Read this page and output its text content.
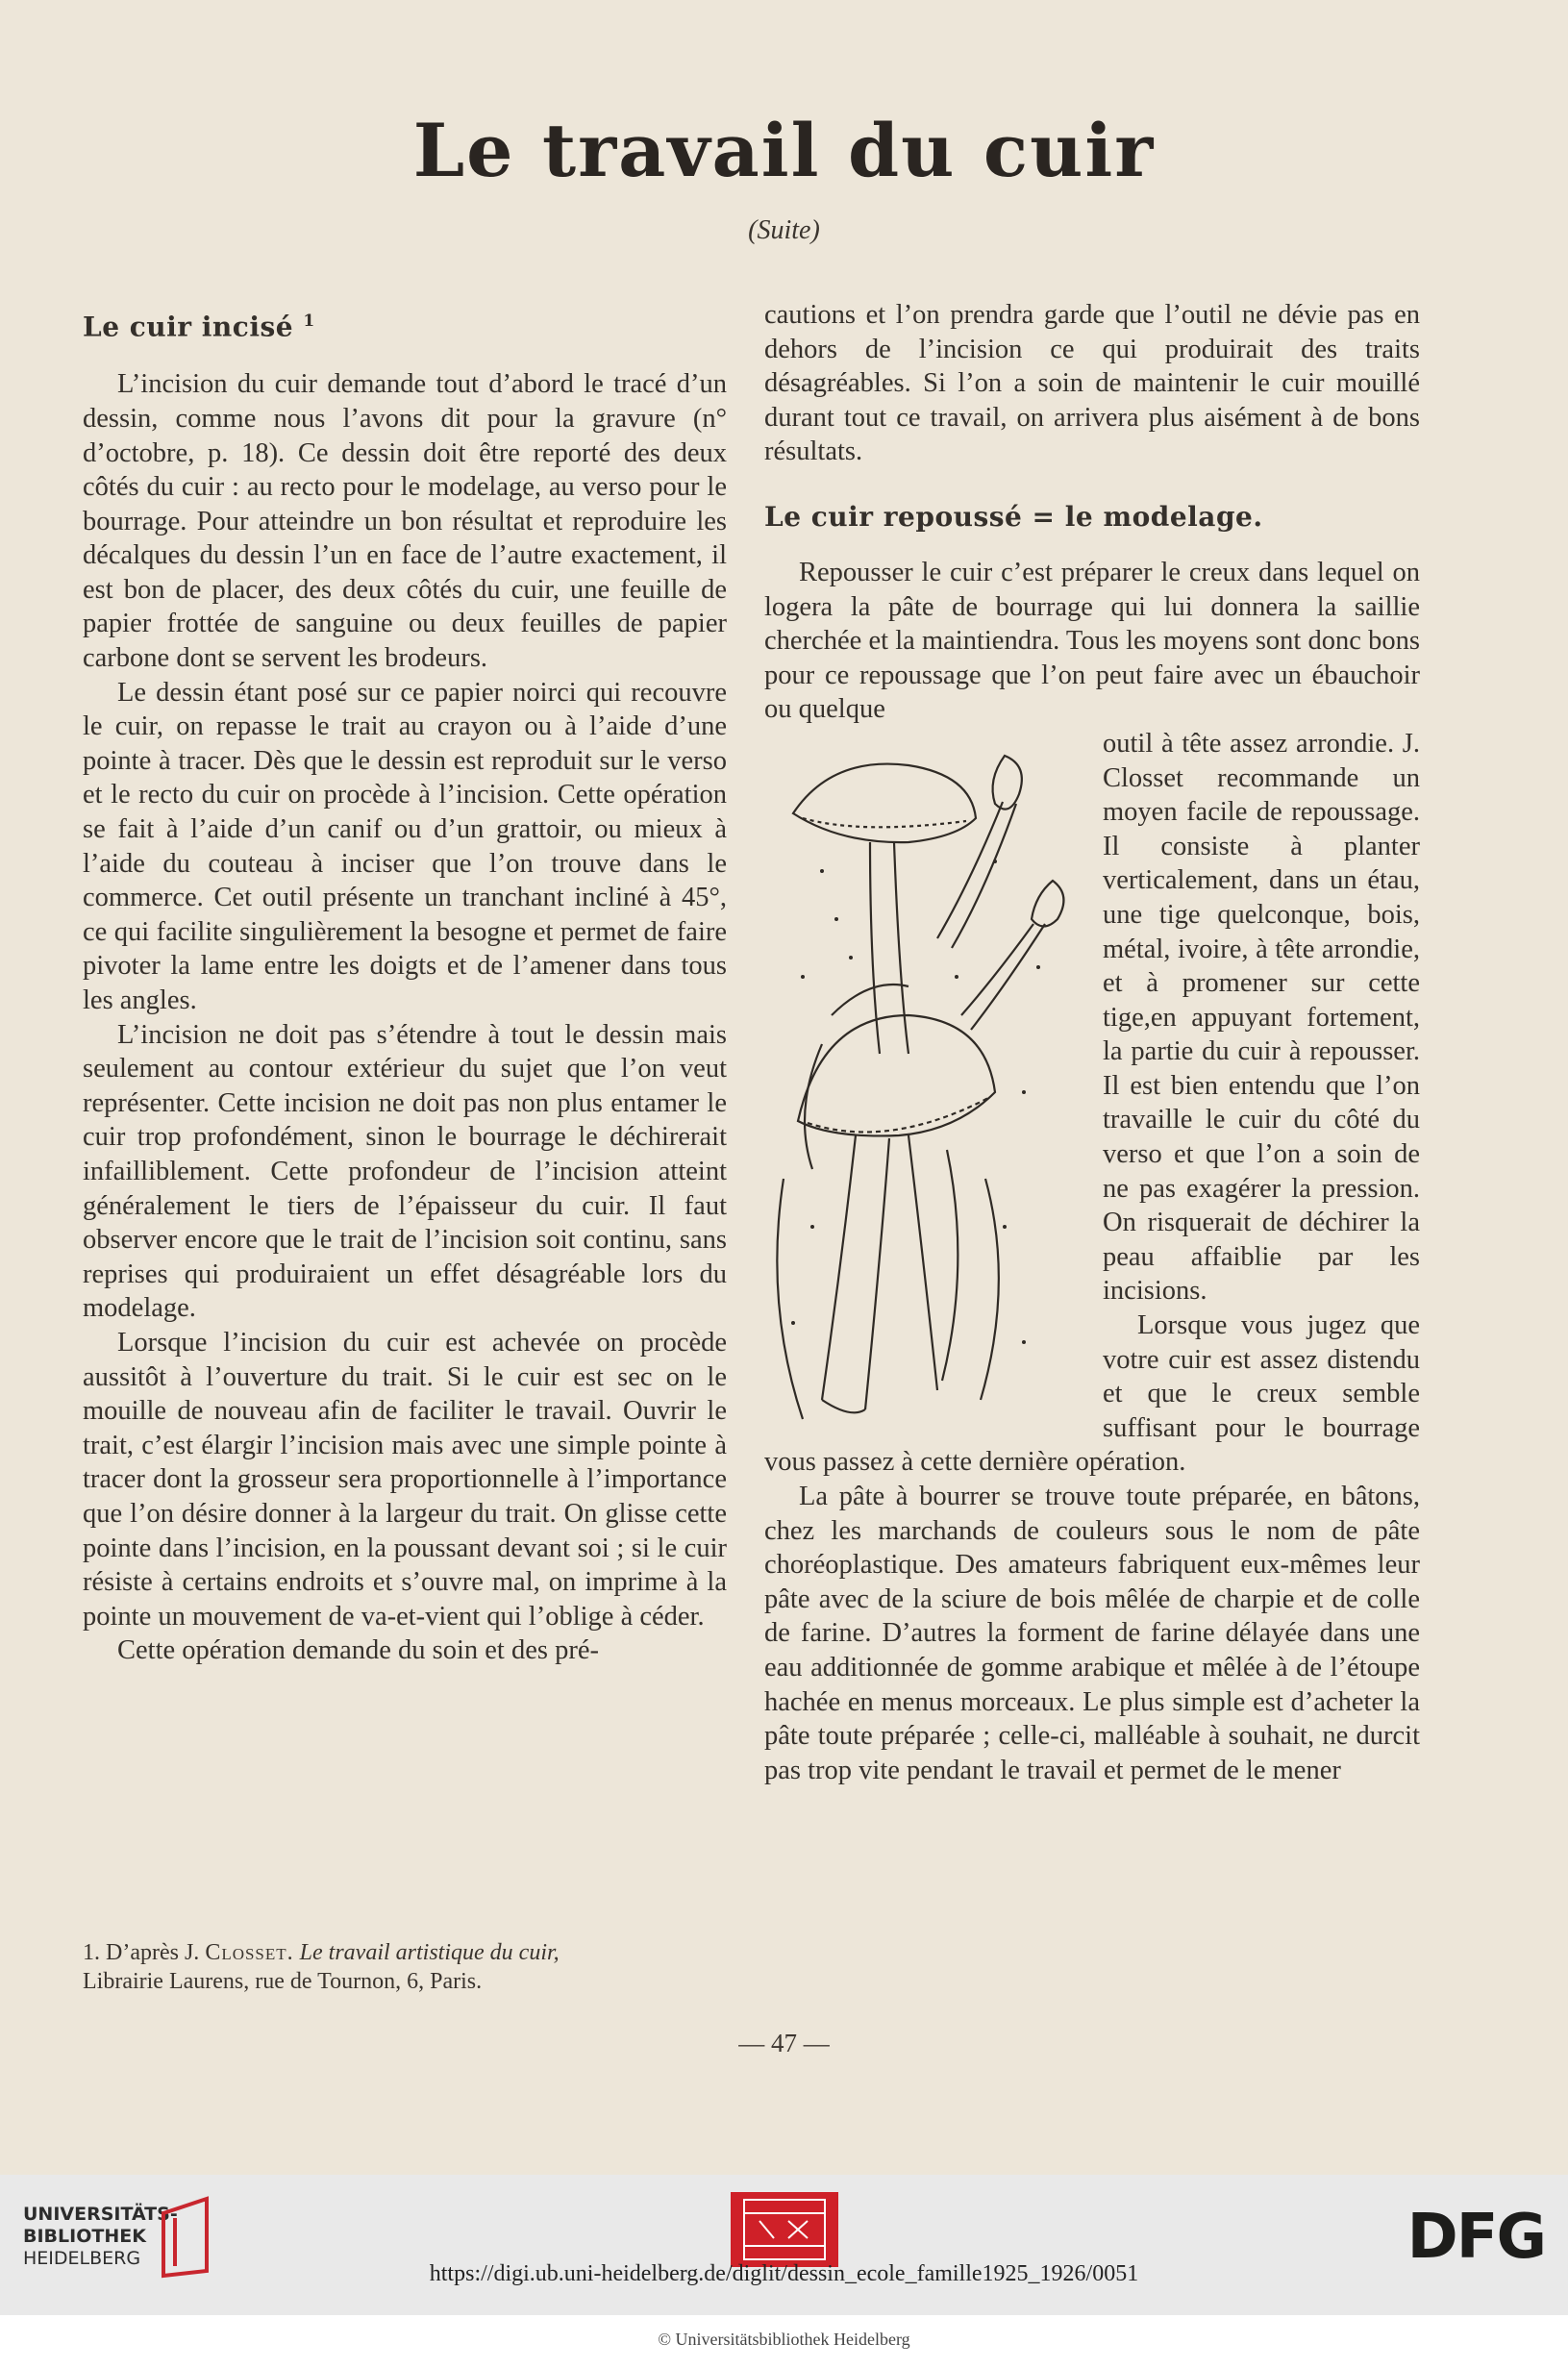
Le travail du cuir
(Suite)
Le cuir incisé $^1$

L’incision du cuir demande tout d’abord le tracé d’un dessin, comme nous l’avons dit pour la gravure (n° d’octobre, p. 18). Ce dessin doit être reporté des deux côtés du cuir : au recto pour le modelage, au verso pour le bourrage. Pour atteindre un bon résultat et reproduire les décalques du dessin l’un en face de l’autre exactement, il est bon de placer, des deux côtés du cuir, une feuille de papier frottée de sanguine ou deux feuilles de papier carbone dont se servent les brodeurs.

Le dessin étant posé sur ce papier noirci qui recouvre le cuir, on repasse le trait au crayon ou à l’aide d’une pointe à tracer. Dès que le dessin est reproduit sur le verso et le recto du cuir on procède à l’incision. Cette opération se fait à l’aide d’un canif ou d’un grattoir, ou mieux à l’aide du couteau à inciser que l’on trouve dans le commerce. Cet outil présente un tranchant incliné à 45°, ce qui facilite singulièrement la besogne et permet de faire pivoter la lame entre les doigts et de l’amener dans tous les angles.

L’incision ne doit pas s’étendre à tout le dessin mais seulement au contour extérieur du sujet que l’on veut représenter. Cette incision ne doit pas non plus entamer le cuir trop profondément, sinon le bourrage le déchirerait infailliblement. Cette profondeur de l’incision atteint généralement le tiers de l’épaisseur du cuir. Il faut observer encore que le trait de l’incision soit continu, sans reprises qui produiraient un effet désagréable lors du modelage.

Lorsque l’incision du cuir est achevée on procède aussitôt à l’ouverture du trait. Si le cuir est sec on le mouille de nouveau afin de faciliter le travail. Ouvrir le trait, c’est élargir l’incision mais avec une simple pointe à tracer dont la grosseur sera proportionnelle à l’importance que l’on désire donner à la largeur du trait. On glisse cette pointe dans l’incision, en la poussant devant soi ; si le cuir résiste à certains endroits et s’ouvre mal, on imprime à la pointe un mouvement de va-et-vient qui l’oblige à céder.

Cette opération demande du soin et des pré-

cautions et l’on prendra garde que l’outil ne dévie pas en dehors de l’incision ce qui produirait des traits désagréables. Si l’on a soin de maintenir le cuir mouillé durant tout ce travail, on arrivera plus aisément à de bons résultats.

Le cuir repoussé = le modelage.

Repousser le cuir c’est préparer le creux dans lequel on logera la pâte de bourrage qui lui donnera la saillie cherchée et la maintiendra. Tous les moyens sont donc bons pour ce repoussage que l’on peut faire avec un ébauchoir ou quelque

outil à tête assez arrondie. J. Closset recommande un moyen facile de repoussage. Il consiste à planter verticalement, dans un étau, une tige quelconque, bois, métal, ivoire, à tête arrondie, et à promener sur cette tige,en appuyant fortement, la partie du cuir à repousser. Il est bien entendu que l’on travaille le cuir du côté du verso et que l’on a soin de ne pas exagérer la pression. On risquerait de déchirer la peau affaiblie par les incisions.

Lorsque vous jugez que votre cuir est assez distendu et que le creux semble suffisant pour le bourrage vous passez à cette dernière opération.

La pâte à bourrer se trouve toute préparée, en bâtons, chez les marchands de couleurs sous le nom de pâte choréoplastique. Des amateurs fabriquent eux-mêmes leur pâte avec de la sciure de bois mêlée de charpie et de colle de farine. D’autres la forment de farine délayée dans une eau additionnée de gomme arabique et mêlée à de l’étoupe hachée en menus morceaux. Le plus simple est d’acheter la pâte toute préparée ; celle-ci, malléable à souhait, ne durcit pas trop vite pendant le travail et permet de le mener

1. D’après J. Closset. Le travail artistique du cuir,
Librairie Laurens, rue de Tournon, 6, Paris.
— 47 —
UNIVERSITÄTS-
BIBLIOTHEK
HEIDELBERG	DFG
https://digi.ub.uni-heidelberg.de/diglit/dessin_ecole_famille1925_1926/0051
© Universitätsbibliothek Heidelberg
